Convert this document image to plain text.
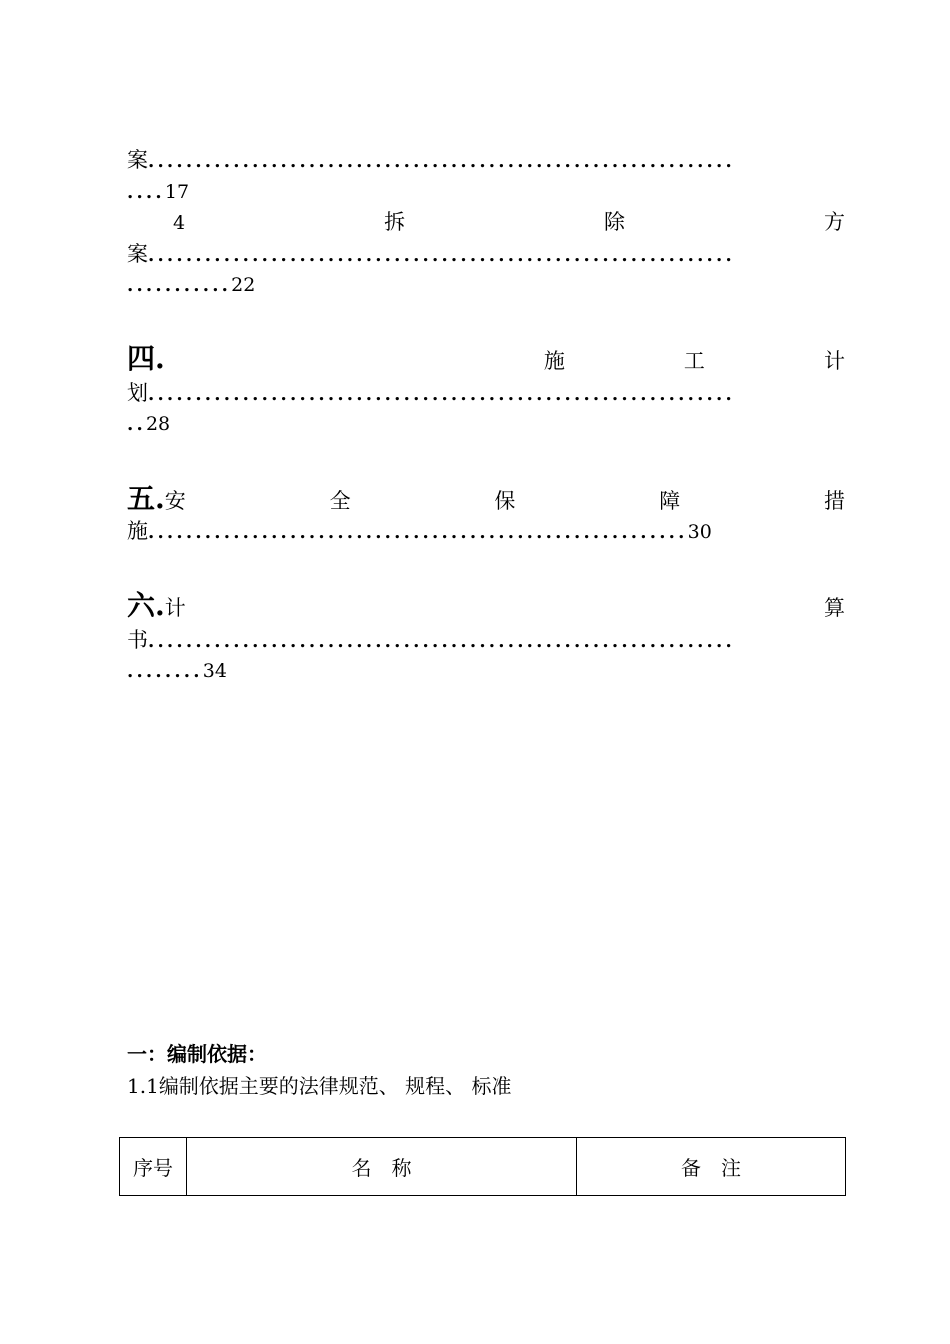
案..............................................................
....17
4	拆	除	方
案..............................................................
...........22
四.	施	工	计
划..............................................................
..28
五.安	全	保	障	措
施.........................................................30
六.计	算
书..............................................................
........34
一：编制依据：
1.1编制依据主要的法律规范、 规程、 标准
序号	名　称	备　注
